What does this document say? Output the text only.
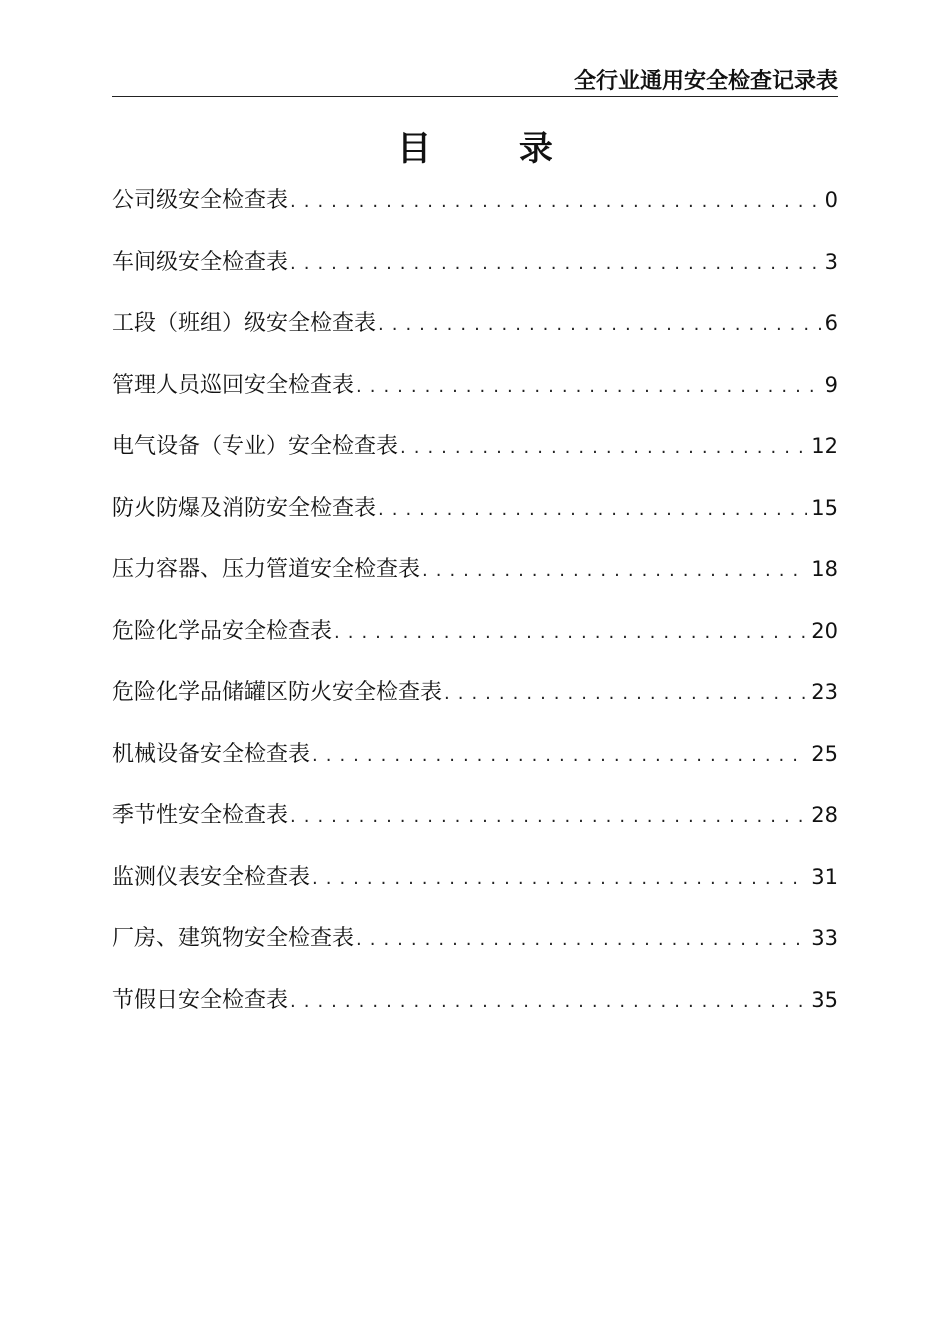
全行业通用安全检查记录表
目 录
公司级安全检查表 .....	0
车间级安全检查表 .....	3
工段（班组）级安全检查表 .....	6
管理人员巡回安全检查表 .....	9
电气设备（专业）安全检查表 .....	12
防火防爆及消防安全检查表 .....	15
压力容器、压力管道安全检查表 .....	18
危险化学品安全检查表 .....	20
危险化学品储罐区防火安全检查表 .....	23
机械设备安全检查表 .....	25
季节性安全检查表 .....	28
监测仪表安全检查表 .....	31
厂房、建筑物安全检查表 .....	33
节假日安全检查表 .....	35
